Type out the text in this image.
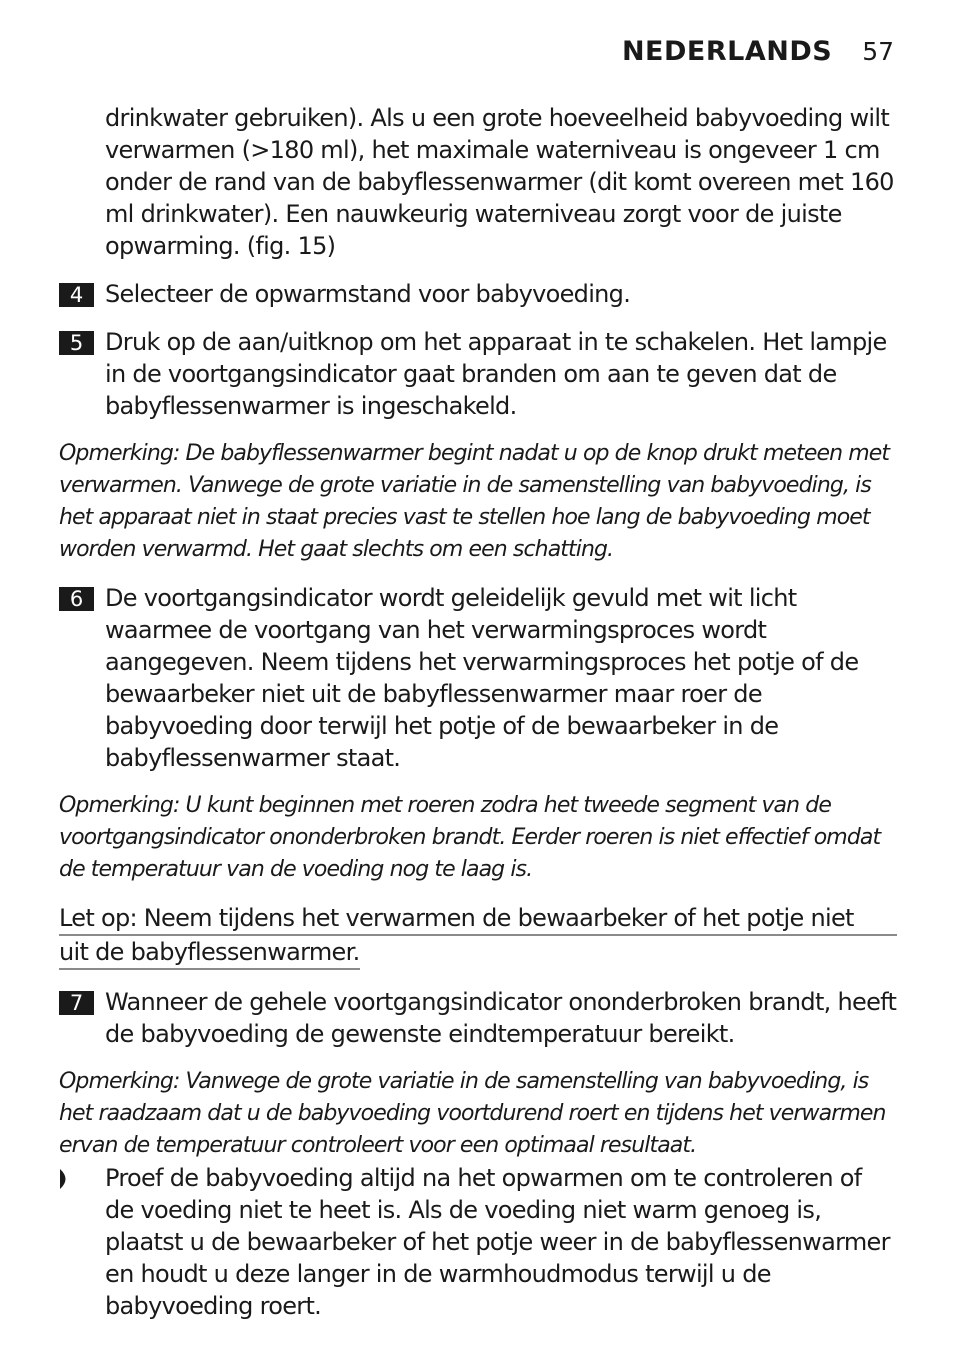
NEDERLANDS 57

drinkwater gebruiken). Als u een grote hoeveelheid babyvoeding wilt verwarmen (>180 ml), het maximale waterniveau is ongeveer 1 cm onder de rand van de babyflessenwarmer (dit komt overeen met 160 ml drinkwater). Een nauwkeurig waterniveau zorgt voor de juiste opwarming. (fig. 15)

4 Selecteer de opwarmstand voor babyvoeding.

5 Druk op de aan/uitknop om het apparaat in te schakelen. Het lampje in de voortgangsindicator gaat branden om aan te geven dat de babyflessenwarmer is ingeschakeld.

Opmerking: De babyflessenwarmer begint nadat u op de knop drukt meteen met verwarmen. Vanwege de grote variatie in de samenstelling van babyvoeding, is het apparaat niet in staat precies vast te stellen hoe lang de babyvoeding moet worden verwarmd. Het gaat slechts om een schatting.

6 De voortgangsindicator wordt geleidelijk gevuld met wit licht waarmee de voortgang van het verwarmingsproces wordt aangegeven. Neem tijdens het verwarmingsproces het potje of de bewaarbeker niet uit de babyflessenwarmer maar roer de babyvoeding door terwijl het potje of de bewaarbeker in de babyflessenwarmer staat.

Opmerking: U kunt beginnen met roeren zodra het tweede segment van de voortgangsindicator ononderbroken brandt. Eerder roeren is niet effectief omdat de temperatuur van de voeding nog te laag is.

Let op: Neem tijdens het verwarmen de bewaarbeker of het potje niet
uit de babyflessenwarmer.

7 Wanneer de gehele voortgangsindicator ononderbroken brandt, heeft de babyvoeding de gewenste eindtemperatuur bereikt.

Opmerking: Vanwege de grote variatie in de samenstelling van babyvoeding, is het raadzaam dat u de babyvoeding voortdurend roert en tijdens het verwarmen ervan de temperatuur controleert voor een optimaal resultaat.

Proef de babyvoeding altijd na het opwarmen om te controleren of de voeding niet te heet is. Als de voeding niet warm genoeg is, plaatst u de bewaarbeker of het potje weer in de babyflessenwarmer en houdt u deze langer in de warmhoudmodus terwijl u de babyvoeding roert.
